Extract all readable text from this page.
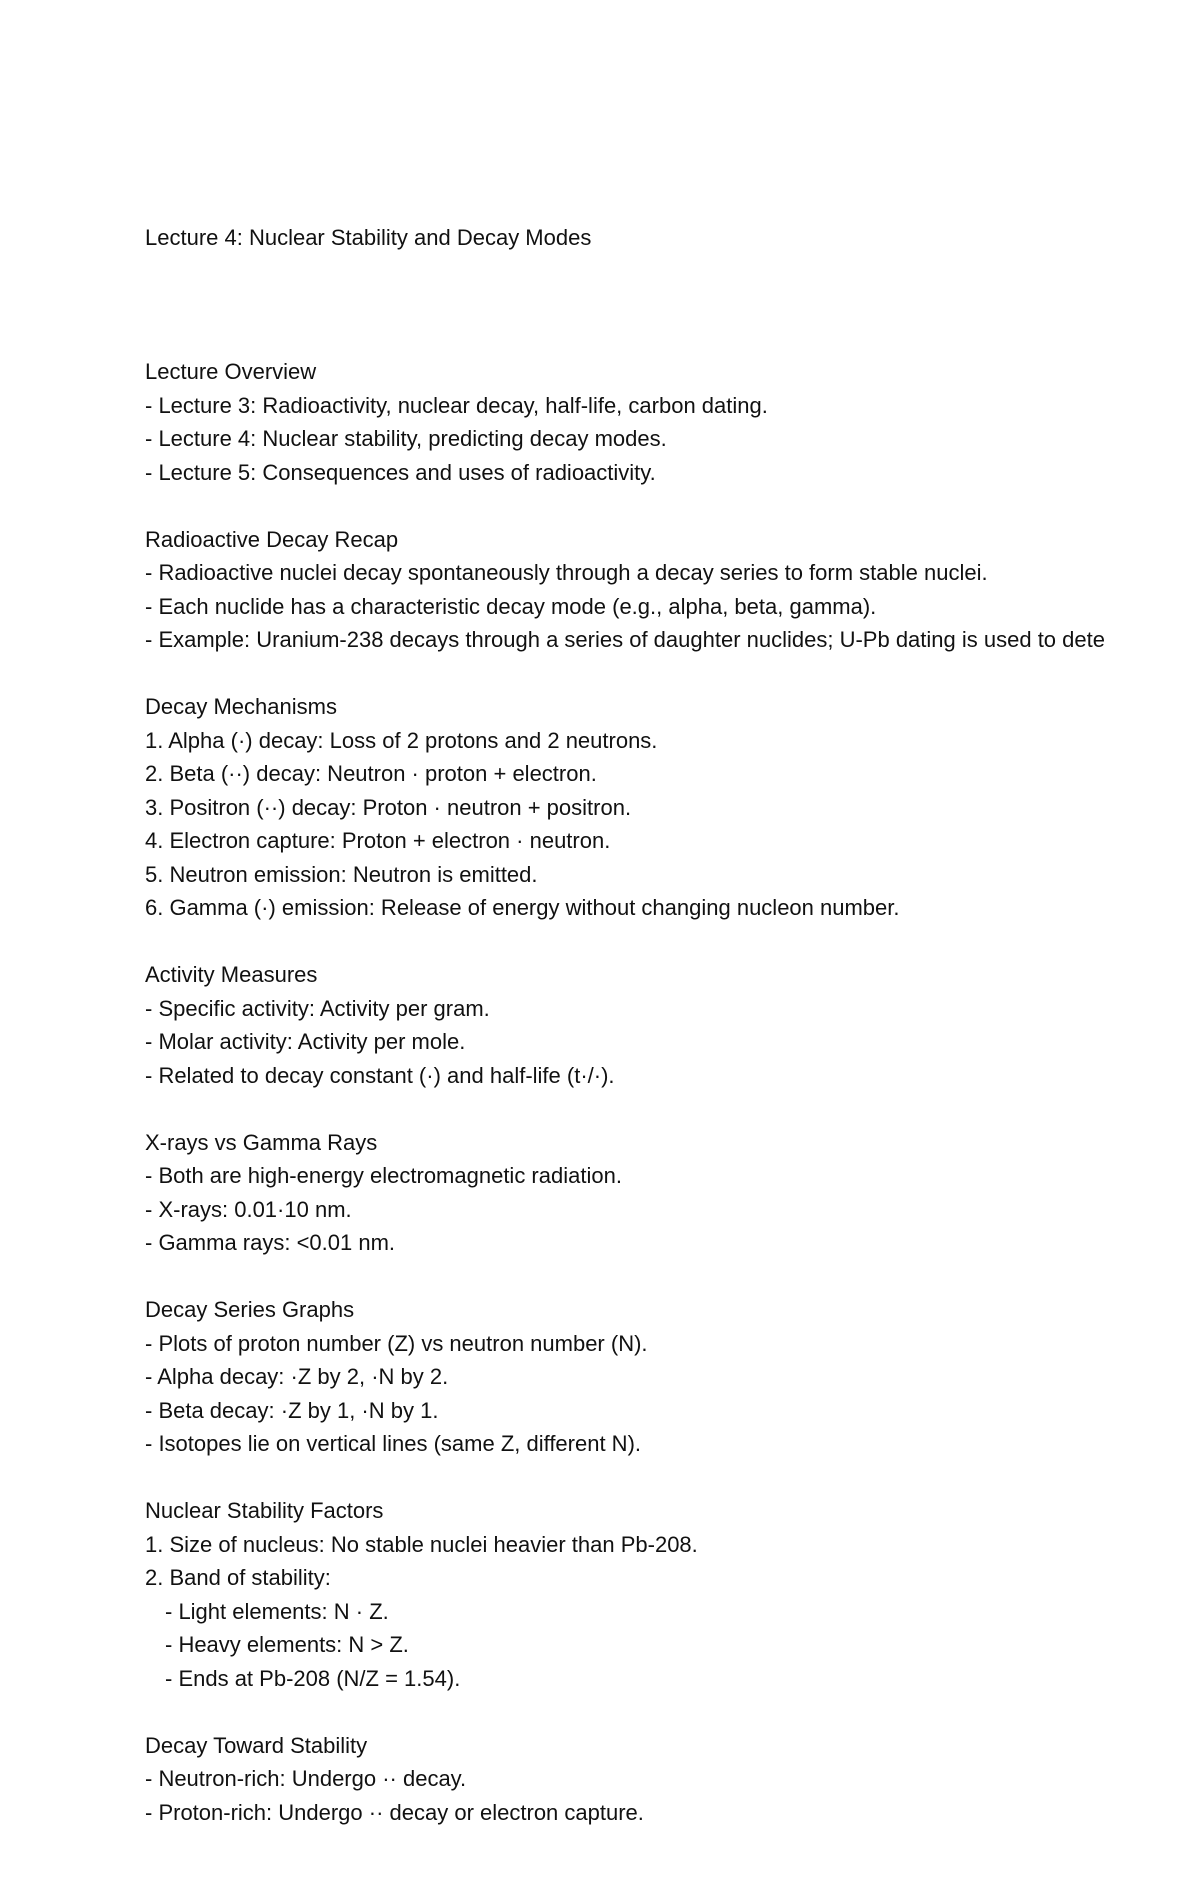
Lecture 4: Nuclear Stability and Decay Modes

Lecture Overview
- Lecture 3: Radioactivity, nuclear decay, half-life, carbon dating.
- Lecture 4: Nuclear stability, predicting decay modes.
- Lecture 5: Consequences and uses of radioactivity.
Radioactive Decay Recap
- Radioactive nuclei decay spontaneously through a decay series to form stable nuclei.
- Each nuclide has a characteristic decay mode (e.g., alpha, beta, gamma).
- Example: Uranium-238 decays through a series of daughter nuclides; U-Pb dating is used to dete
Decay Mechanisms
1. Alpha (·) decay: Loss of 2 protons and 2 neutrons.
2. Beta (··) decay: Neutron · proton + electron.
3. Positron (··) decay: Proton · neutron + positron.
4. Electron capture: Proton + electron · neutron.
5. Neutron emission: Neutron is emitted.
6. Gamma (·) emission: Release of energy without changing nucleon number.
Activity Measures
- Specific activity: Activity per gram.
- Molar activity: Activity per mole.
- Related to decay constant (·) and half-life (t·/·).
X-rays vs Gamma Rays
- Both are high-energy electromagnetic radiation.
- X-rays: 0.01·10 nm.
- Gamma rays: <0.01 nm.
Decay Series Graphs
- Plots of proton number (Z) vs neutron number (N).
- Alpha decay: ·Z by 2, ·N by 2.
- Beta decay: ·Z by 1, ·N by 1.
- Isotopes lie on vertical lines (same Z, different N).
Nuclear Stability Factors
1. Size of nucleus: No stable nuclei heavier than Pb-208.
2. Band of stability:
- Light elements: N · Z.
- Heavy elements: N > Z.
- Ends at Pb-208 (N/Z = 1.54).
Decay Toward Stability
- Neutron-rich: Undergo ·· decay.
- Proton-rich: Undergo ·· decay or electron capture.
